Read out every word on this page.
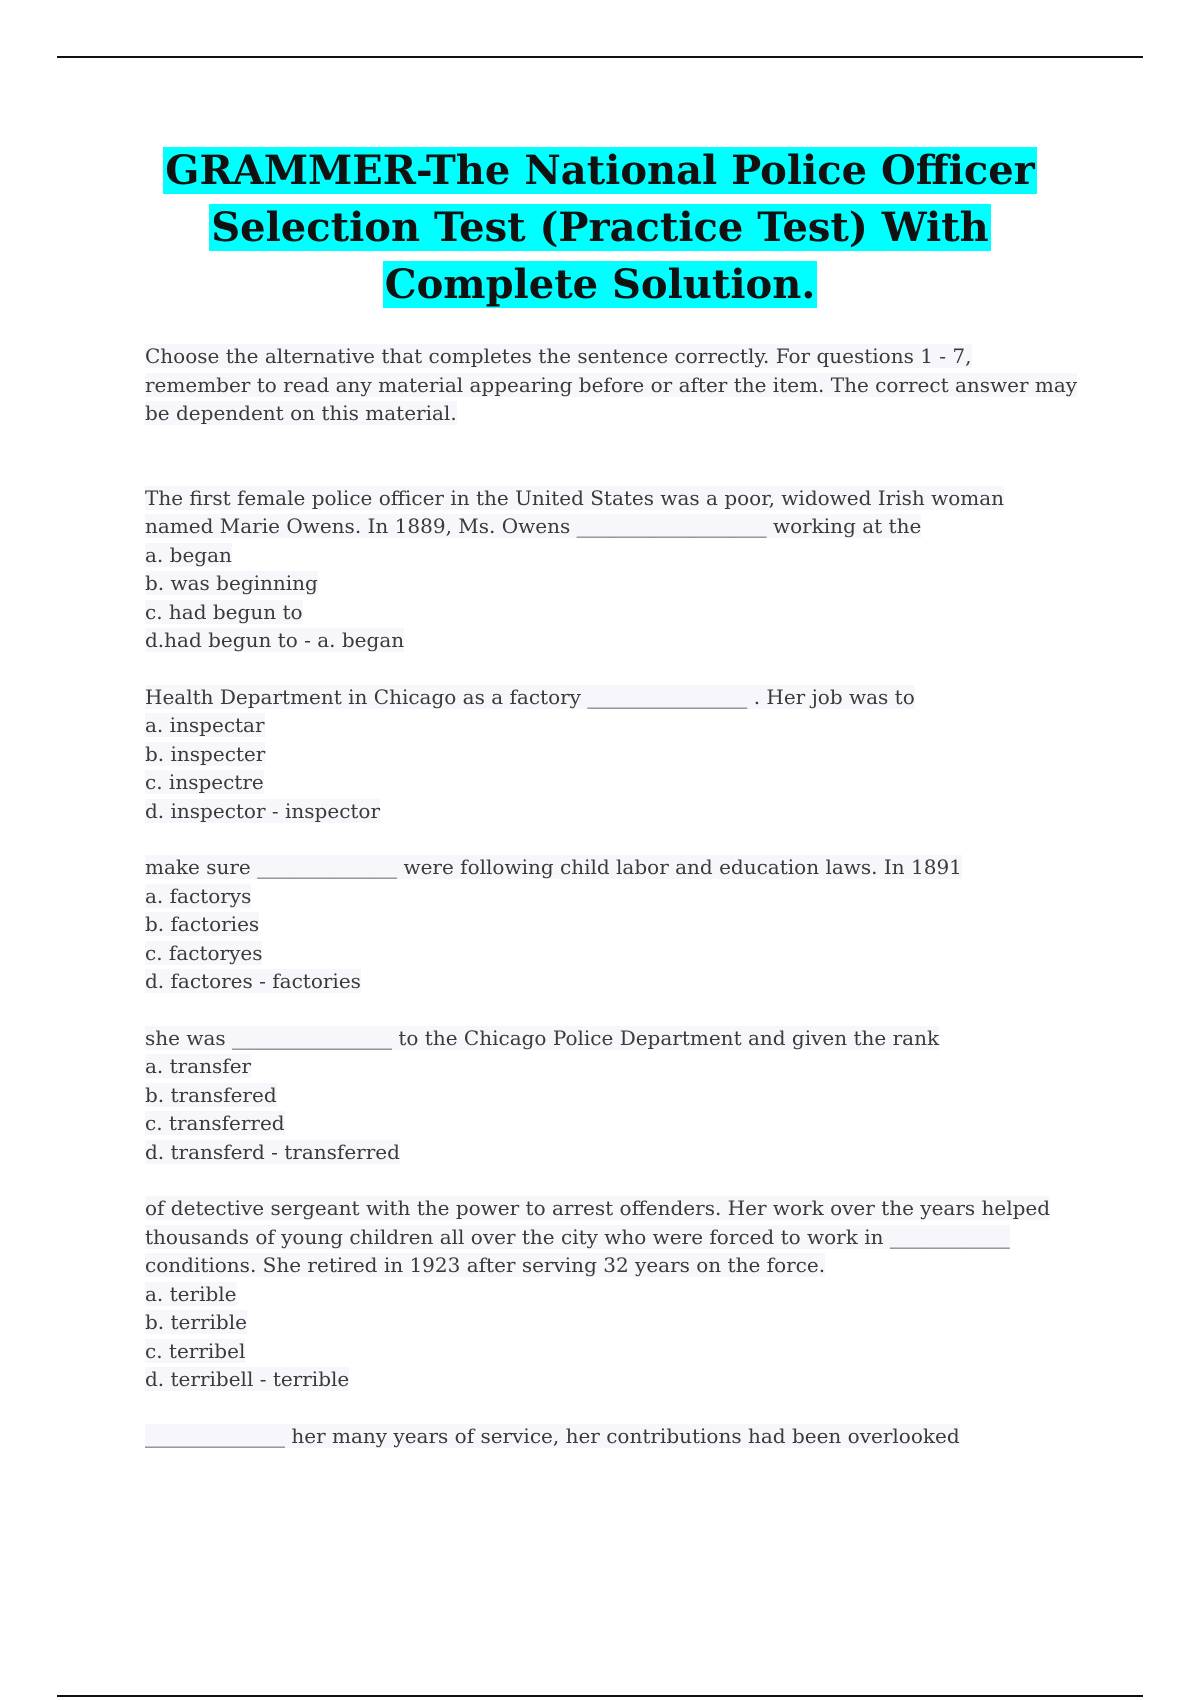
GRAMMER-The National Police Officer
Selection Test (Practice Test) With
Complete Solution.
Choose the alternative that completes the sentence correctly. For questions 1 - 7,
remember to read any material appearing before or after the item. The correct answer may
be dependent on this material.
The first female police officer in the United States was a poor, widowed Irish woman
named Marie Owens. In 1889, Ms. Owens ___________________ working at the
a. began
b. was beginning
c. had begun to
d.had begun to - a. began
Health Department in Chicago as a factory ________________ . Her job was to
a. inspectar
b. inspecter
c. inspectre
d. inspector - inspector
make sure ______________ were following child labor and education laws. In 1891
a. factorys
b. factories
c. factoryes
d. factores - factories
she was ________________ to the Chicago Police Department and given the rank
a. transfer
b. transfered
c. transferred
d. transferd - transferred
of detective sergeant with the power to arrest offenders. Her work over the years helped
thousands of young children all over the city who were forced to work in ____________
conditions. She retired in 1923 after serving 32 years on the force.
a. terible
b. terrible
c. terribel
d. terribell - terrible
______________ her many years of service, her contributions had been overlooked
